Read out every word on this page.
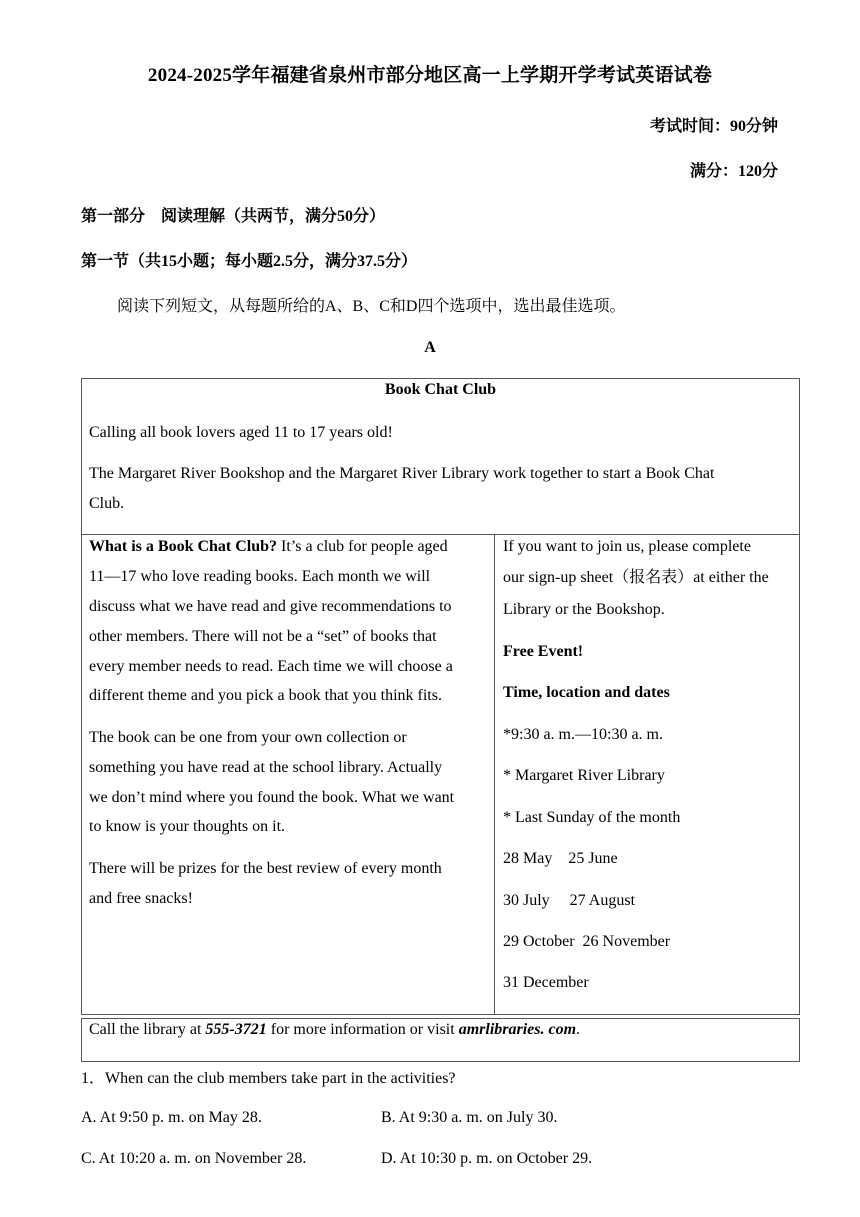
2024-2025学年福建省泉州市部分地区高一上学期开学考试英语试卷
考试时间：90分钟
满分：120分
第一部分　阅读理解（共两节，满分50分）
第一节（共15小题；每小题2.5分，满分37.5分）
阅读下列短文，从每题所给的A、B、C和D四个选项中，选出最佳选项。
A
Book Chat Club
Calling all book lovers aged 11 to 17 years old!
The Margaret River Bookshop and the Margaret River Library work together to start a Book Chat
Club.
What is a Book Chat Club? It’s a club for people aged
11—17 who love reading books. Each month we will
discuss what we have read and give recommendations to
other members. There will not be a “set” of books that
every member needs to read. Each time we will choose a
different theme and you pick a book that you think fits.
The book can be one from your own collection or
something you have read at the school library. Actually
we don’t mind where you found the book. What we want
to know is your thoughts on it.
There will be prizes for the best review of every month
and free snacks!
If you want to join us, please complete
our sign-up sheet（报名表）at either the
Library or the Bookshop.
Free Event!
Time, location and dates
*9:30 a. m.—10:30 a. m.
* Margaret River Library
* Last Sunday of the month
28 May　25 June
30 July　 27 August
29 October  26 November
31 December
Call the library at 555-3721 for more information or visit amrlibraries. com.
1．When can the club members take part in the activities?
A. At 9:50 p. m. on May 28.	B. At 9:30 a. m. on July 30.
C. At 10:20 a. m. on November 28.	D. At 10:30 p. m. on October 29.
